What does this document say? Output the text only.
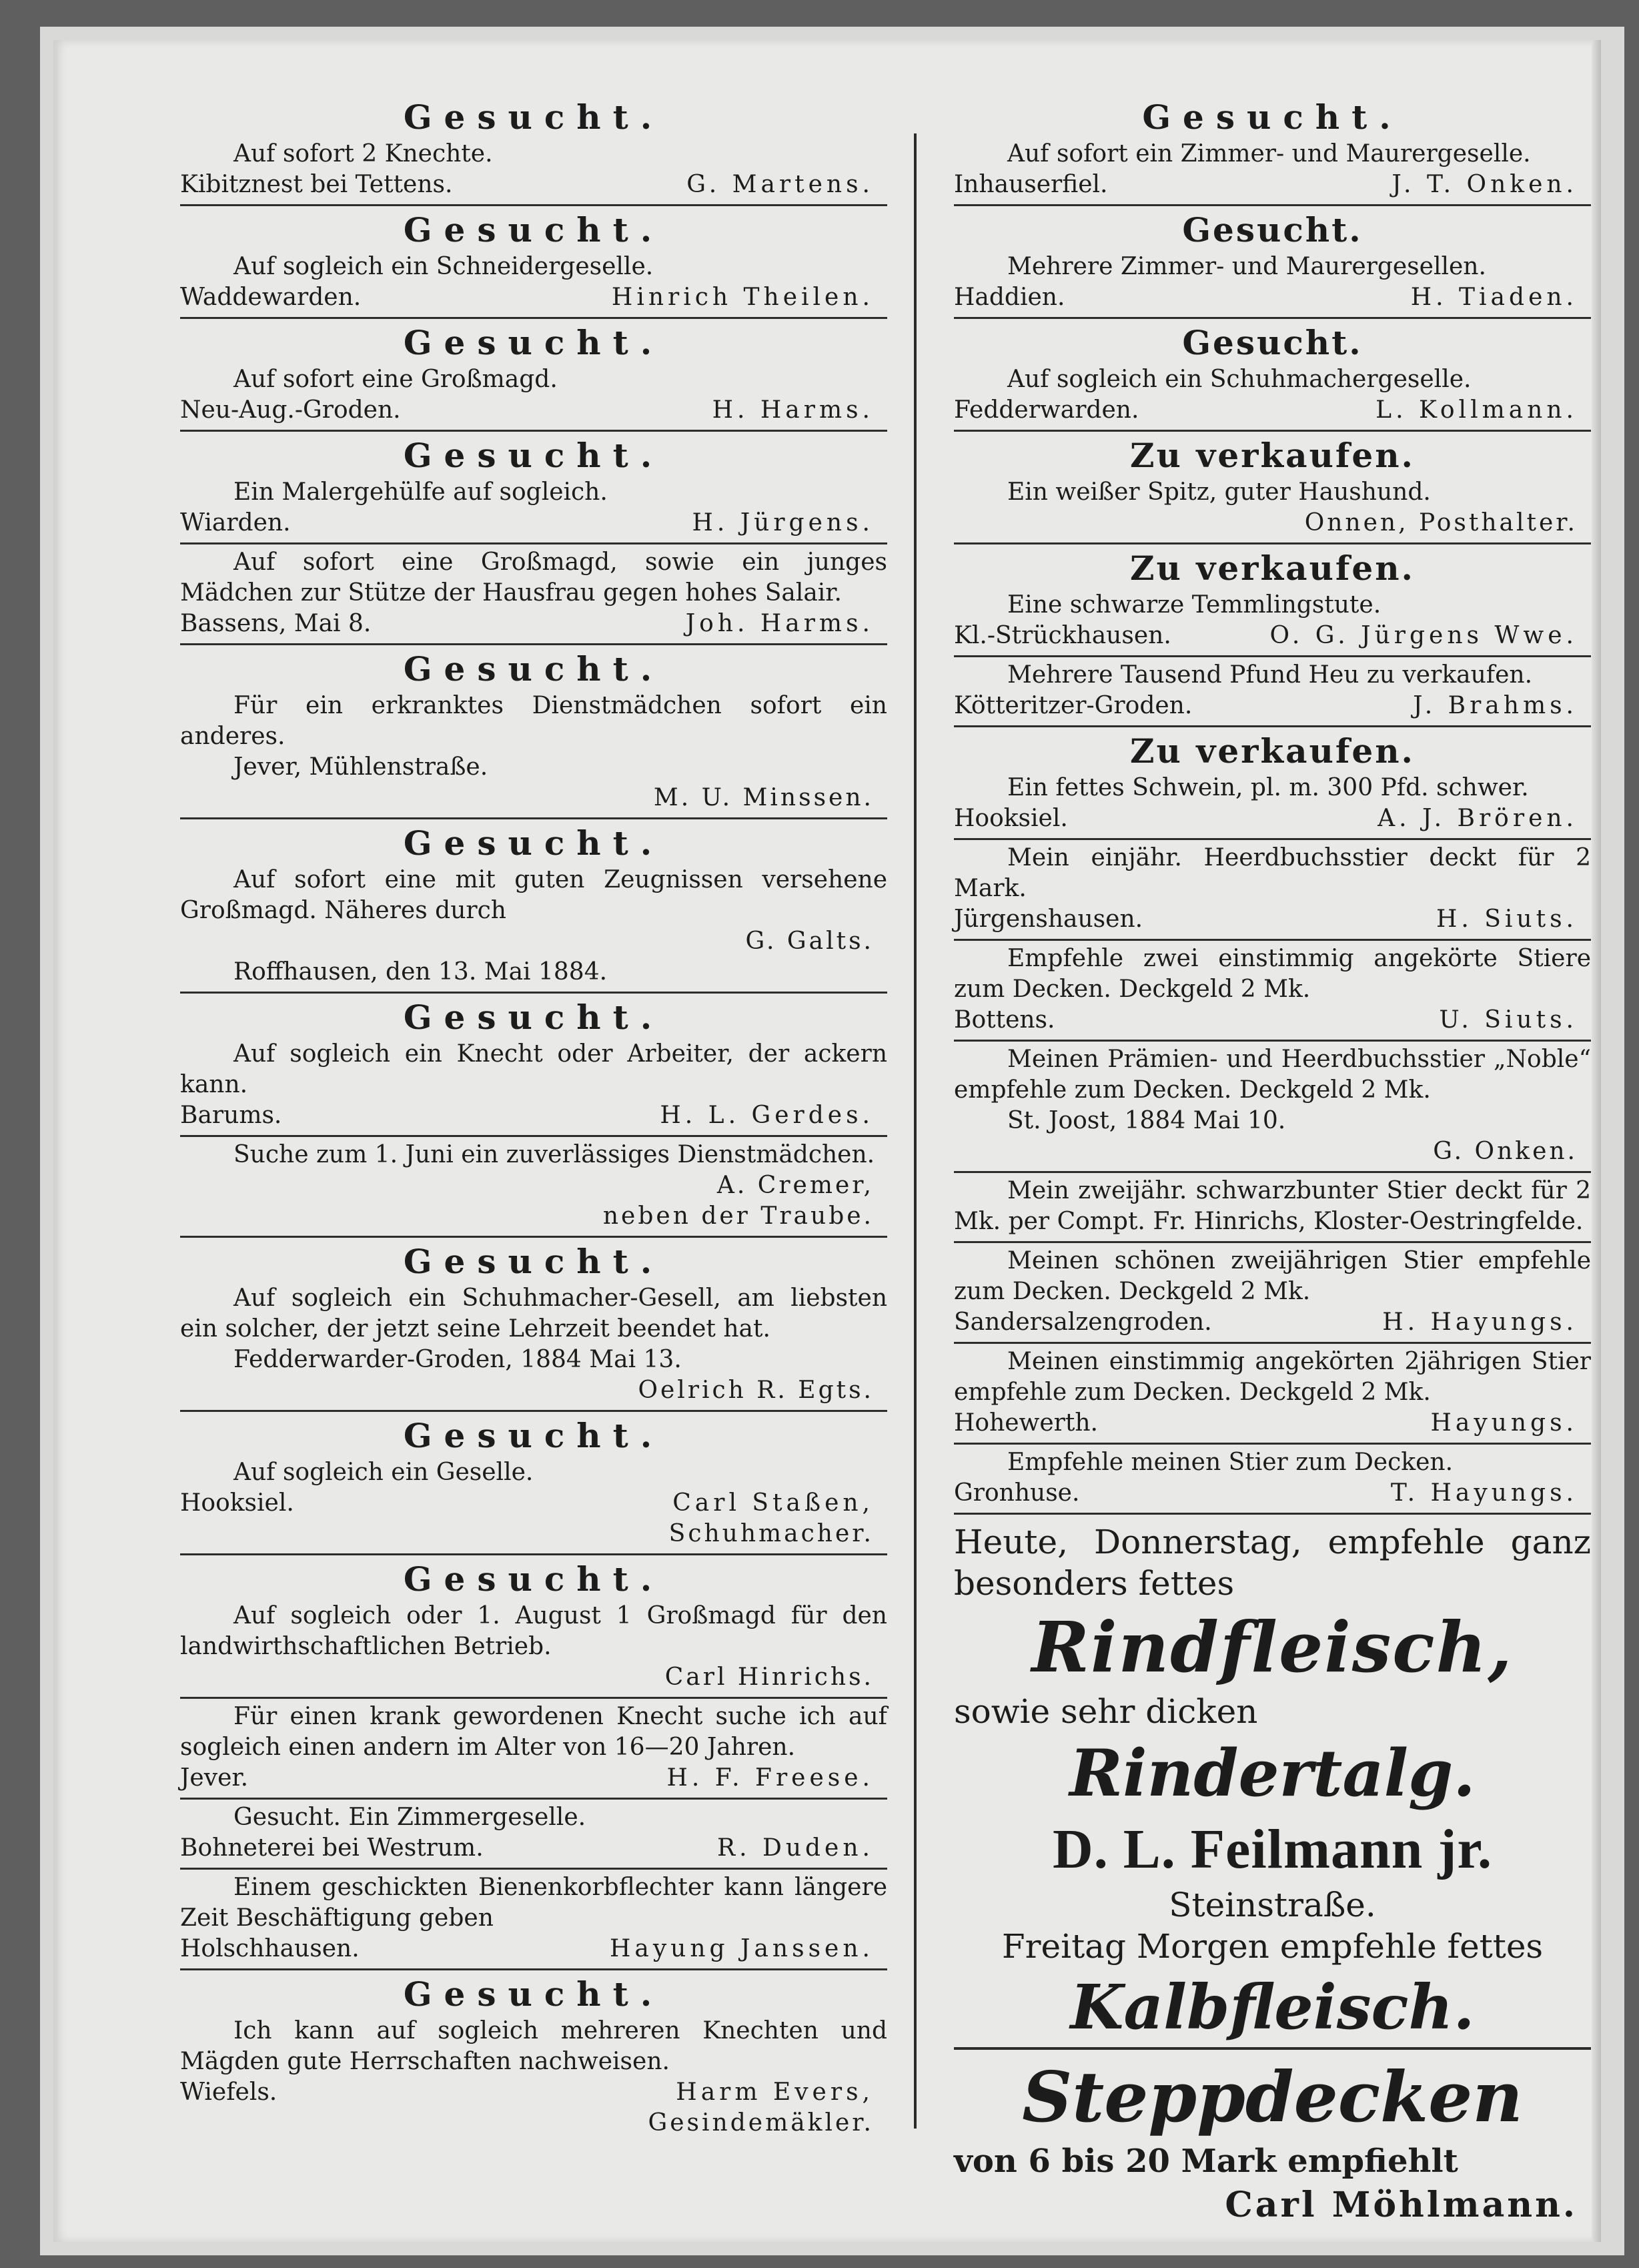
Gesucht.
Auf sofort 2 Knechte.
Kibitznest bei Tettens.	G. Martens.
Gesucht.
Auf sogleich ein Schneidergeselle.
Waddewarden.	Hinrich Theilen.
Gesucht.
Auf sofort eine Großmagd.
Neu-Aug.-Groden.	H. Harms.
Gesucht.
Ein Malergehülfe auf sogleich.
Wiarden.	H. Jürgens.
Auf sofort eine Großmagd, sowie ein junges Mädchen zur Stütze der Hausfrau gegen hohes Salair.
Bassens, Mai 8.	Joh. Harms.
Gesucht.
Für ein erkranktes Dienstmädchen sofort ein anderes.
Jever, Mühlenstraße.
M. U. Minssen.
Gesucht.
Auf sofort eine mit guten Zeugnissen versehene Großmagd. Näheres durch
G. Galts.
Roffhausen, den 13. Mai 1884.
Gesucht.
Auf sogleich ein Knecht oder Arbeiter, der ackern kann.
Barums.	H. L. Gerdes.
Suche zum 1. Juni ein zuverlässiges Dienstmädchen.
A. Cremer,
neben der Traube.
Gesucht.
Auf sogleich ein Schuhmacher-Gesell, am liebsten ein solcher, der jetzt seine Lehrzeit beendet hat.
Fedderwarder-Groden, 1884 Mai 13.
Oelrich R. Egts.
Gesucht.
Auf sogleich ein Geselle.
Hooksiel.	Carl Staßen,
Schuhmacher.
Gesucht.
Auf sogleich oder 1. August 1 Großmagd für den landwirthschaftlichen Betrieb.
Carl Hinrichs.
Für einen krank gewordenen Knecht suche ich auf sogleich einen andern im Alter von 16—20 Jahren.
Jever.	H. F. Freese.
Gesucht. Ein Zimmergeselle.
Bohneterei bei Westrum.	R. Duden.
Einem geschickten Bienenkorbflechter kann längere Zeit Beschäftigung geben
Holschhausen.	Hayung Janssen.
Gesucht.
Ich kann auf sogleich mehreren Knechten und Mägden gute Herrschaften nachweisen.
Wiefels.	Harm Evers,
Gesindemäkler.
Gesucht.
Auf sofort ein Zimmer- und Maurergeselle.
Inhauserfiel.	J. T. Onken.
Gesucht.
Mehrere Zimmer- und Maurergesellen.
Haddien.	H. Tiaden.
Gesucht.
Auf sogleich ein Schuhmachergeselle.
Fedderwarden.	L. Kollmann.
Zu verkaufen.
Ein weißer Spitz, guter Haushund.
Onnen, Posthalter.
Zu verkaufen.
Eine schwarze Temmlingstute.
Kl.-Strückhausen.	O. G. Jürgens Wwe.
Mehrere Tausend Pfund Heu zu verkaufen.
Kötteritzer-Groden.	J. Brahms.
Zu verkaufen.
Ein fettes Schwein, pl. m. 300 Pfd. schwer.
Hooksiel.	A. J. Brören.
Mein einjähr. Heerdbuchsstier deckt für 2 Mark.
Jürgenshausen.	H. Siuts.
Empfehle zwei einstimmig angekörte Stiere zum Decken. Deckgeld 2 Mk.
Bottens.	U. Siuts.
Meinen Prämien- und Heerdbuchsstier „Noble“ empfehle zum Decken. Deckgeld 2 Mk.
St. Joost, 1884 Mai 10.
G. Onken.
Mein zweijähr. schwarzbunter Stier deckt für 2 Mk. per Compt. Fr. Hinrichs, Kloster-Oestringfelde.
Meinen schönen zweijährigen Stier empfehle zum Decken. Deckgeld 2 Mk.
Sandersalzengroden.	H. Hayungs.
Meinen einstimmig angekörten 2jährigen Stier empfehle zum Decken. Deckgeld 2 Mk.
Hohewerth.	Hayungs.
Empfehle meinen Stier zum Decken.
Gronhuse.	T. Hayungs.
Heute, Donnerstag, empfehle ganz besonders fettes
Rindfleisch,
sowie sehr dicken
Rindertalg.
D. L. Feilmann jr.
Steinstraße.
Freitag Morgen empfehle fettes
Kalbfleisch.
Steppdecken
von 6 bis 20 Mark empfiehlt
Carl Möhlmann.
